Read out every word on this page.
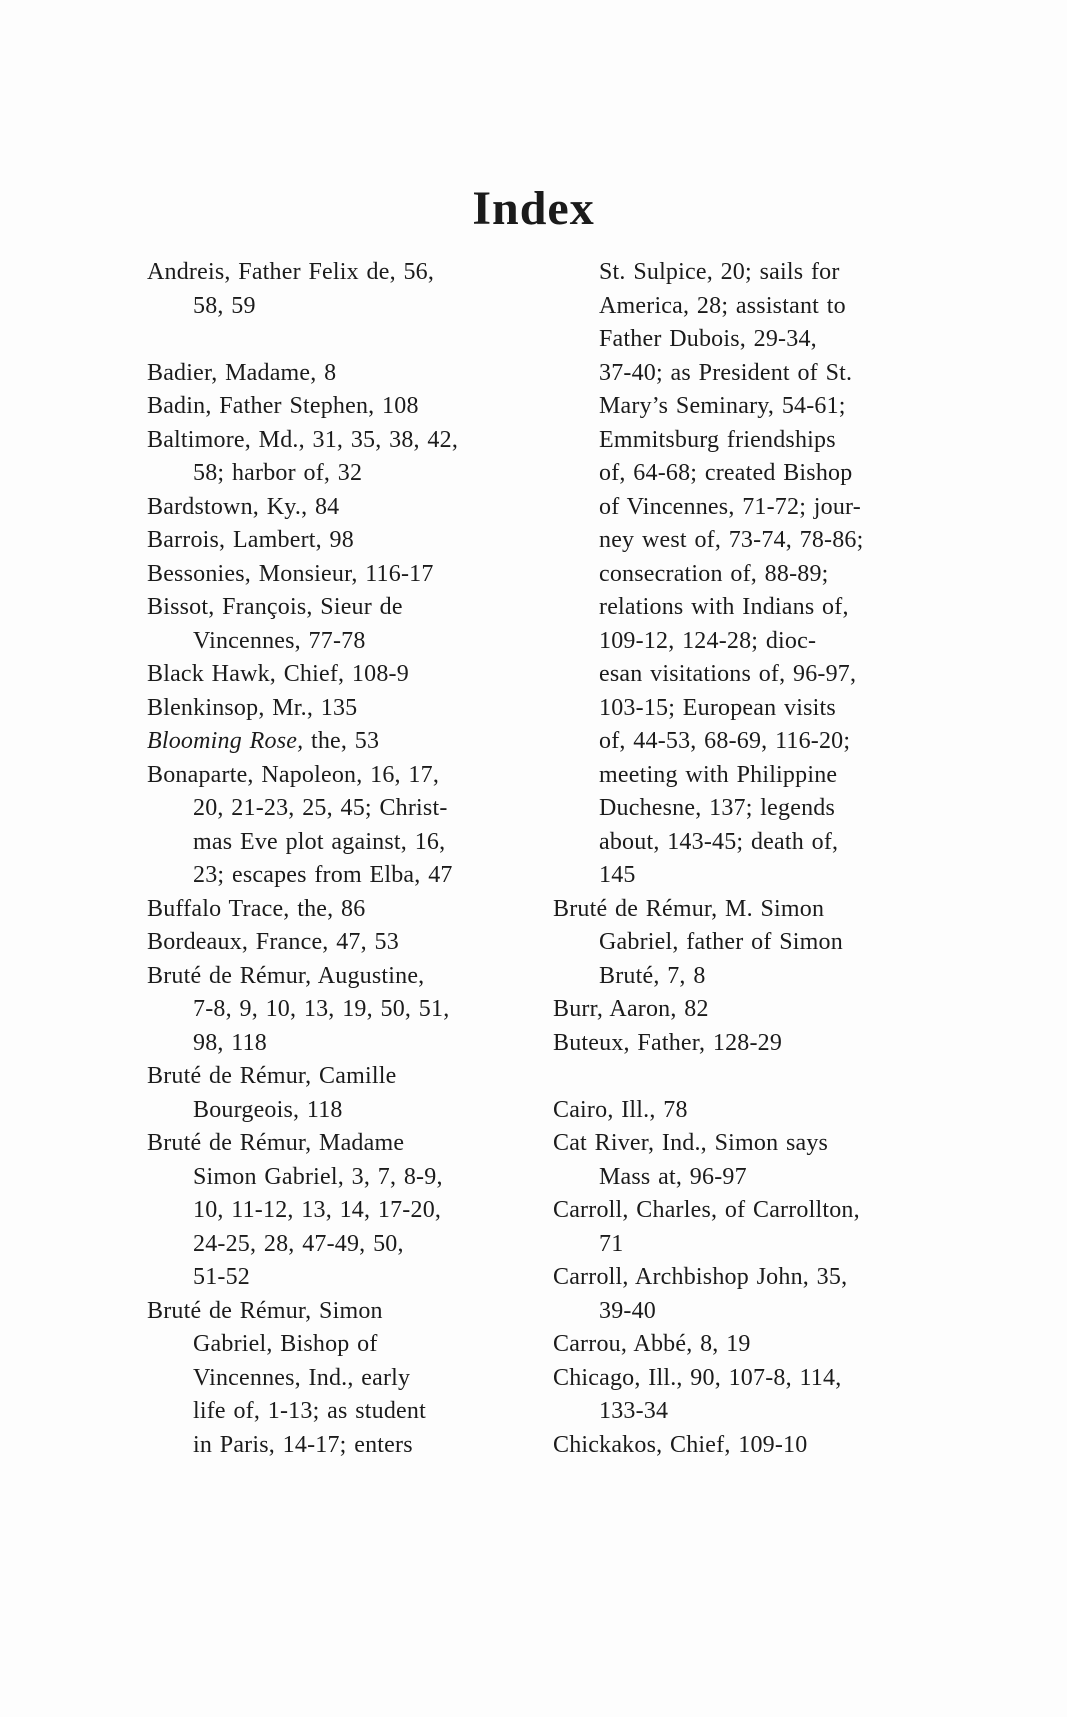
Index
Andreis, Father Felix de, 56,
58, 59
Badier, Madame, 8
Badin, Father Stephen, 108
Baltimore, Md., 31, 35, 38, 42,
58; harbor of, 32
Bardstown, Ky., 84
Barrois, Lambert, 98
Bessonies, Monsieur, 116-17
Bissot, François, Sieur de
Vincennes, 77-78
Black Hawk, Chief, 108-9
Blenkinsop, Mr., 135
Blooming Rose, the, 53
Bonaparte, Napoleon, 16, 17,
20, 21-23, 25, 45; Christ-
mas Eve plot against, 16,
23; escapes from Elba, 47
Buffalo Trace, the, 86
Bordeaux, France, 47, 53
Bruté de Rémur, Augustine,
7-8, 9, 10, 13, 19, 50, 51,
98, 118
Bruté de Rémur, Camille
Bourgeois, 118
Bruté de Rémur, Madame
Simon Gabriel, 3, 7, 8-9,
10, 11-12, 13, 14, 17-20,
24-25, 28, 47-49, 50,
51-52
Bruté de Rémur, Simon
Gabriel, Bishop of
Vincennes, Ind., early
life of, 1-13; as student
in Paris, 14-17; enters
St. Sulpice, 20; sails for
America, 28; assistant to
Father Dubois, 29-34,
37-40; as President of St.
Mary’s Seminary, 54-61;
Emmitsburg friendships
of, 64-68; created Bishop
of Vincennes, 71-72; jour-
ney west of, 73-74, 78-86;
consecration of, 88-89;
relations with Indians of,
109-12, 124-28; dioc-
esan visitations of, 96-97,
103-15; European visits
of, 44-53, 68-69, 116-20;
meeting with Philippine
Duchesne, 137; legends
about, 143-45; death of,
145
Bruté de Rémur, M. Simon
Gabriel, father of Simon
Bruté, 7, 8
Burr, Aaron, 82
Buteux, Father, 128-29
Cairo, Ill., 78
Cat River, Ind., Simon says
Mass at, 96-97
Carroll, Charles, of Carrollton,
71
Carroll, Archbishop John, 35,
39-40
Carrou, Abbé, 8, 19
Chicago, Ill., 90, 107-8, 114,
133-34
Chickakos, Chief, 109-10
